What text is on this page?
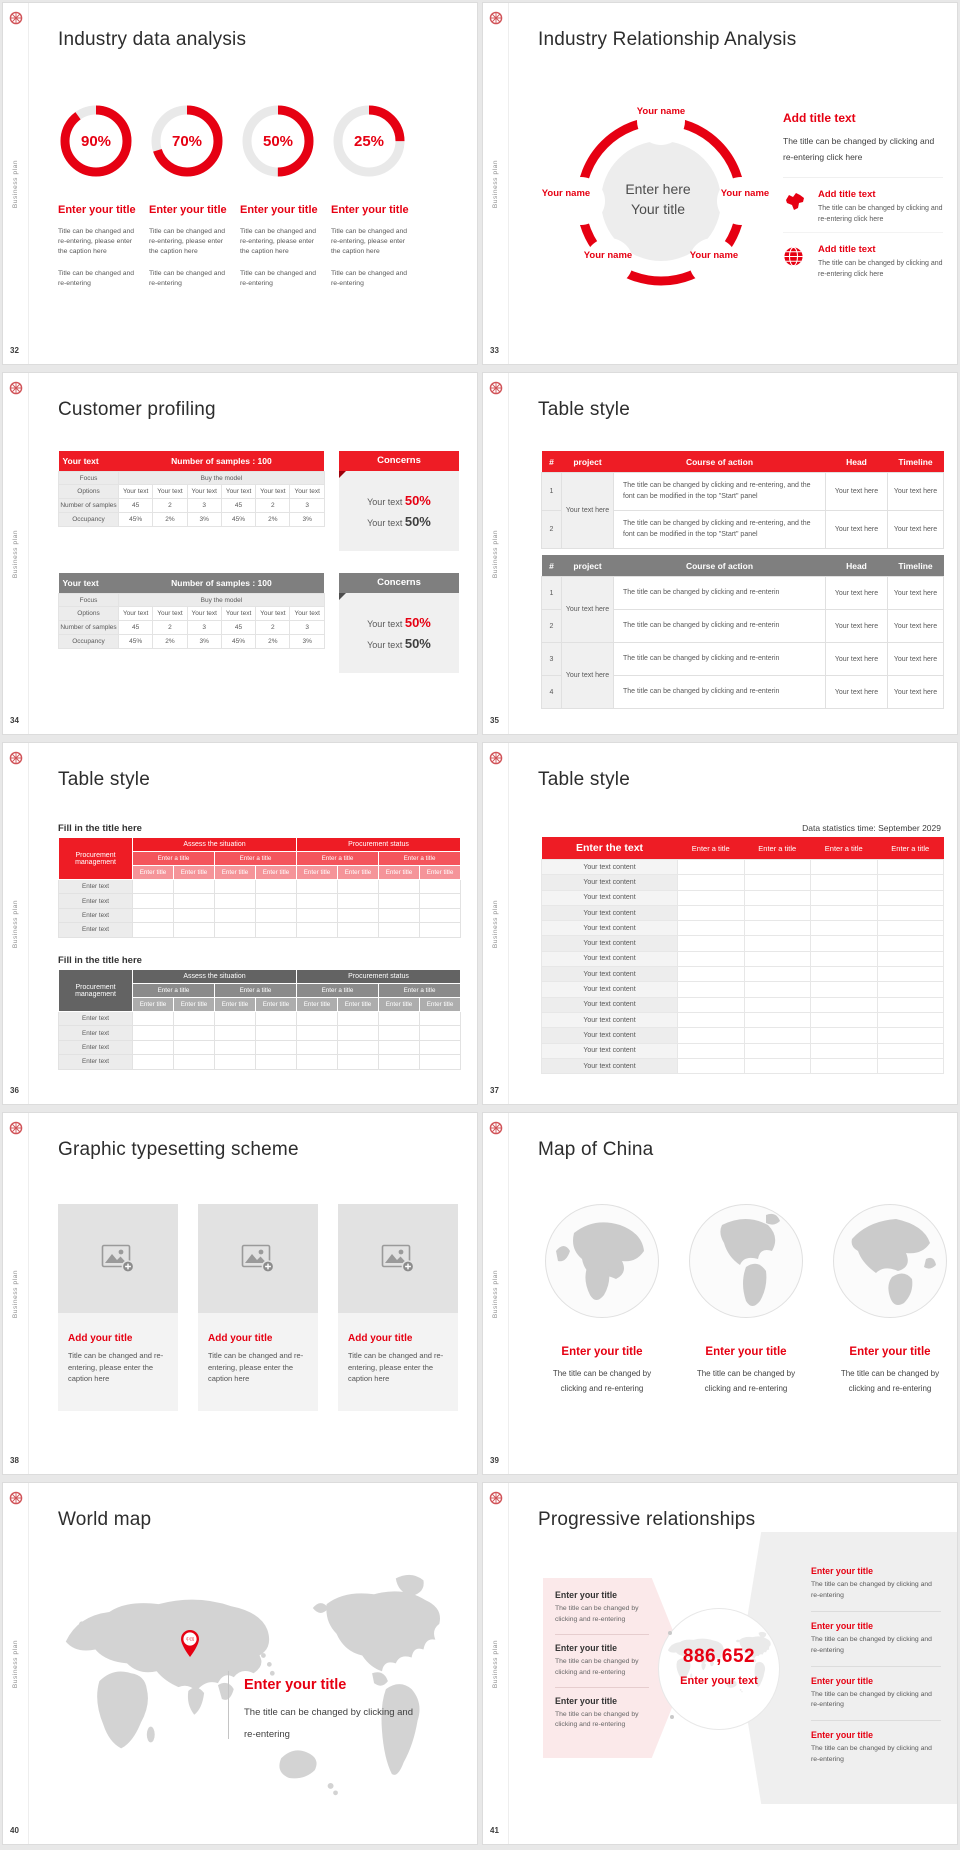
Business plan
32
Industry data analysis
90%
Enter your title

Title can be changed and re-entering, please enter the caption here

Title can be changed and re-entering

70%
Enter your title

Title can be changed and re-entering, please enter the caption here

Title can be changed and re-entering

50%
Enter your title

Title can be changed and re-entering, please enter the caption here

Title can be changed and re-entering

25%
Enter your title

Title can be changed and re-entering, please enter the caption here

Title can be changed and re-entering

Business plan
33
Industry Relationship Analysis
Your name
Your name	Your name
Your name	Your name
Enter here
Your title
Add title text
The title can be changed by clicking and re-entering click here
Add title text

The title can be changed by clicking and re-entering click here

Add title text

The title can be changed by clicking and re-entering click here

Business plan
34
Customer profiling
Your text	Number of samples : 100					
Focus	Buy the model					
Options	Your text	Your text	Your text	Your text	Your text	Your text
Number of samples	45	2	3	45	2	3
Occupancy	45%	2%	3%	45%	2%	3%
Concerns
Your text 50%
Your text 50%
Your text	Number of samples : 100					
Focus	Buy the model					
Options	Your text	Your text	Your text	Your text	Your text	Your text
Number of samples	45	2	3	45	2	3
Occupancy	45%	2%	3%	45%	2%	3%
Concerns
Your text 50%
Your text 50%
Business plan
35
Table style
#	project	Course of action	Head	Timeline
1	Your text here	The title can be changed by clicking and re-entering, and the font can be modified in the top "Start" panel	Your text here	Your text here
2		The title can be changed by clicking and re-entering, and the font can be modified in the top "Start" panel	Your text here	Your text here
#	project	Course of action	Head	Timeline
1	Your text here	The title can be changed by clicking and re-enterin	Your text here	Your text here
2		The title can be changed by clicking and re-enterin	Your text here	Your text here
3	Your text here	The title can be changed by clicking and re-enterin	Your text here	Your text here
4		The title can be changed by clicking and re-enterin	Your text here	Your text here
Business plan
36
Table style
Fill in the title here
Procurement management	Assess the situation				Procurement status			
	Enter a title		Enter a title		Enter a title		Enter a title	
	Enter title	Enter title	Enter title	Enter title	Enter title	Enter title	Enter title	Enter title
Enter text								
Enter text								
Enter text								
Enter text								
Fill in the title here
Procurement management	Assess the situation				Procurement status			
	Enter a title		Enter a title		Enter a title		Enter a title	
	Enter title	Enter title	Enter title	Enter title	Enter title	Enter title	Enter title	Enter title
Enter text								
Enter text								
Enter text								
Enter text								
Business plan
37
Table style
Data statistics time: September 2029
Enter the text	Enter a title	Enter a title	Enter a title	Enter a title
Your text content				
Your text content				
Your text content				
Your text content				
Your text content				
Your text content				
Your text content				
Your text content				
Your text content				
Your text content				
Your text content				
Your text content				
Your text content				
Your text content				
Business plan
38
Graphic typesetting scheme
Add your title

Title can be changed and re-entering, please enter the caption here

Add your title

Title can be changed and re-entering, please enter the caption here

Add your title

Title can be changed and re-entering, please enter the caption here

Business plan
39
Map of China
Enter your title

The title can be changed by clicking and re-entering

Enter your title

The title can be changed by clicking and re-entering

Enter your title

The title can be changed by clicking and re-entering

Business plan
40
World map
中国
Enter your title

The title can be changed by clicking and re-entering

Business plan
41
Progressive relationships
Enter your title

The title can be changed by clicking and re-entering

Enter your title

The title can be changed by clicking and re-entering

Enter your title

The title can be changed by clicking and re-entering

886,652
Enter your text
Enter your title

The title can be changed by clicking and re-entering

Enter your title

The title can be changed by clicking and re-entering

Enter your title

The title can be changed by clicking and re-entering

Enter your title

The title can be changed by clicking and re-entering
